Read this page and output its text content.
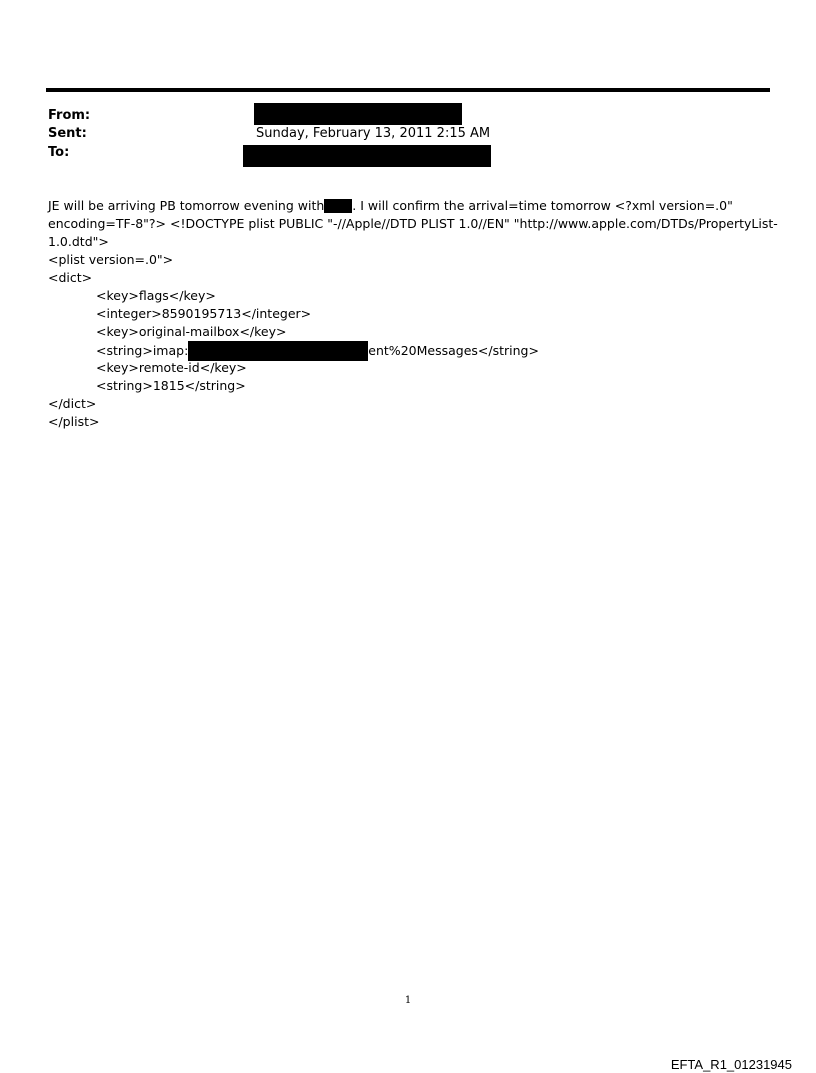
From:
Sent:	Sunday, February 13, 2011 2:15 AM
To:
JE will be arriving PB tomorrow evening with . I will confirm the arrival=time tomorrow <?xml version=.0"
encoding=TF-8"?> <!DOCTYPE plist PUBLIC "-//Apple//DTD PLIST 1.0//EN" "http://www.apple.com/DTDs/PropertyList-
1.0.dtd">
<plist version=.0">
<dict>
<key>flags</key>
<integer>8590195713</integer>
<key>original-mailbox</key>
<string>imap:	ent%20Messages</string>
<key>remote-id</key>
<string>1815</string>
</dict>
</plist>
1
EFTA_R1_01231945
